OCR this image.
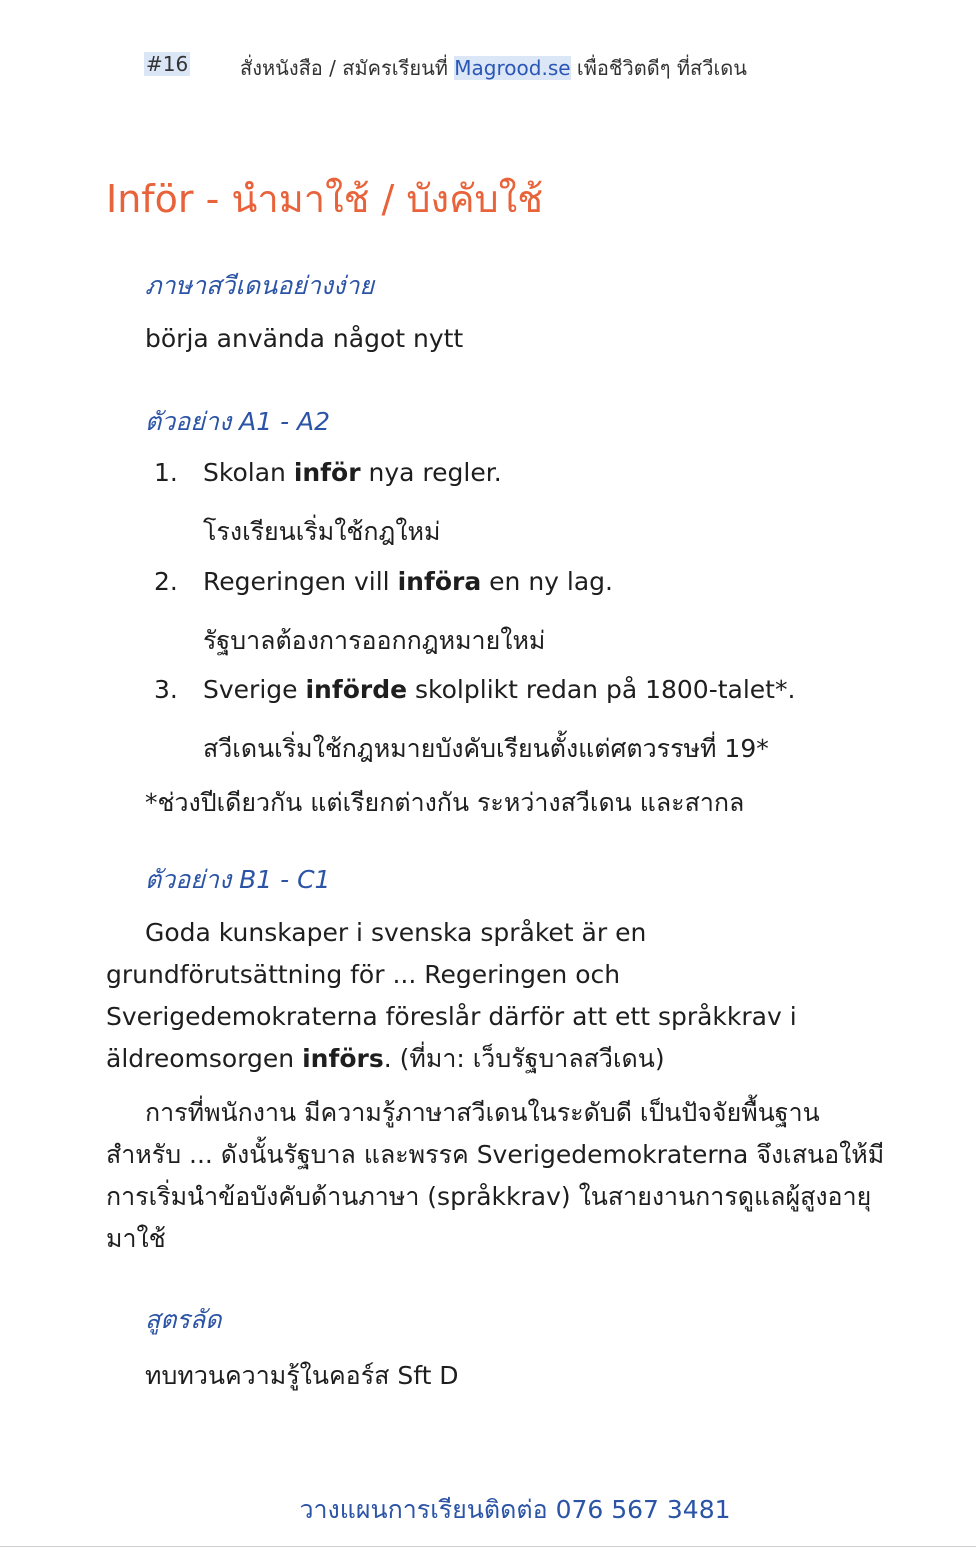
#16	สั่งหนังสือ / สมัครเรียนที่ Magrood.se เพื่อชีวิตดีๆ ที่สวีเดน
Inför - นำมาใช้ / บังคับใช้
ภาษาสวีเดนอย่างง่าย
börja använda något nytt
ตัวอย่าง A1 - A2
1. Skolan inför nya regler.
โรงเรียนเริ่มใช้กฎใหม่
2. Regeringen vill införa en ny lag.
รัฐบาลต้องการออกกฎหมายใหม่
3. Sverige införde skolplikt redan på 1800-talet*.
สวีเดนเริ่มใช้กฎหมายบังคับเรียนตั้งแต่ศตวรรษที่ 19*
*ช่วงปีเดียวกัน แต่เรียกต่างกัน ระหว่างสวีเดน และสากล
ตัวอย่าง B1 - C1

Goda kunskaper i svenska språket är en grundförutsättning för ... Regeringen och Sverigedemokraterna föreslår därför att ett språkkrav i äldreomsorgen införs. (ที่มา: เว็บรัฐบาลสวีเดน)

การที่พนักงาน มีความรู้ภาษาสวีเดนในระดับดี เป็นปัจจัยพื้นฐานสำหรับ ... ดังนั้นรัฐบาล และพรรค Sverigedemokraterna จึงเสนอให้มีการเริ่มนำข้อบังคับด้านภาษา (språkkrav) ในสายงานการดูแลผู้สูงอายุมาใช้

สูตรลัด
ทบทวนความรู้ในคอร์ส Sft D
วางแผนการเรียนติดต่อ 076 567 3481
